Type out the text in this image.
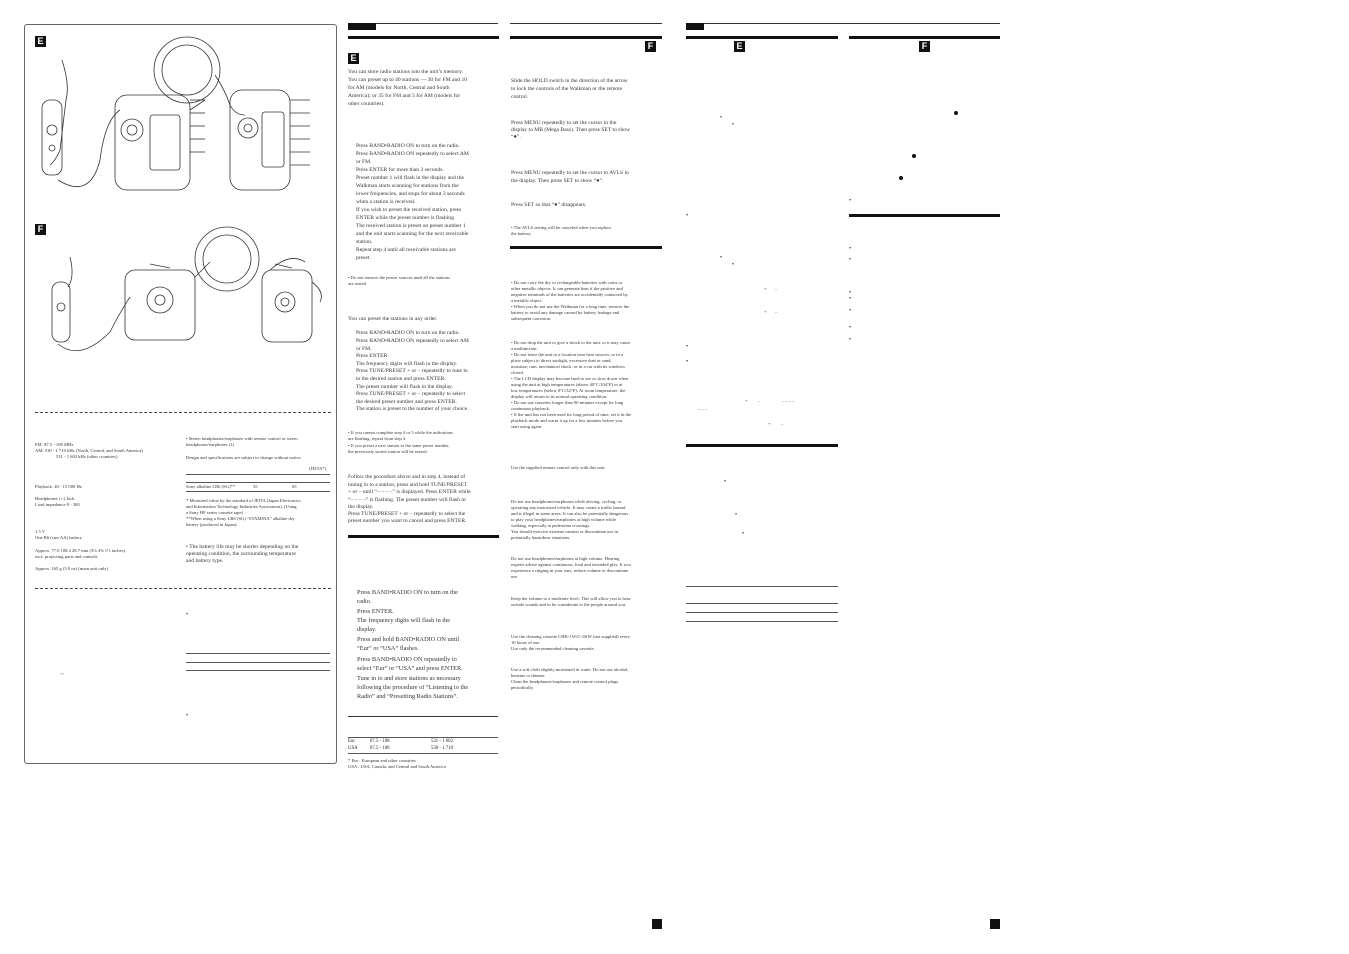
E
F
FM: 87.5 - 108 MHz
AM: 530 - 1 710 kHz (North, Central, and South America)
531 - 1 602 kHz (other countries)
Playback: 40 - 15 000 Hz
Headphones (∩) Jack
Load impedance 8 - 300
1.5 V
One R6 (size AA) battery
Approx. 77.0 108.4 28.7 mm (3⅛ 4⅜ 1⅓ inches),
excl. projecting parts and controls
Approx. 165 g (5.9 oz) (main unit only)
• Stereo headphones/earphones with remote control or stereo
headphones/earphones (1)
Design and specifications are subject to change without notice.
(JEITA*)
Sony alkaline LR6 (SG)**	35	65
* Measured value by the standard of JEITA (Japan Electronics
and Information Technology Industries Association). (Using
a Sony HF series cassette tape)
**When using a Sony LR6 (SG) “STAMINA” alkaline dry
battery (produced in Japan).
• The battery life may be shorter depending on the
operating condition, the surrounding temperature
and battery type.
•
•
◠
E
You can store radio stations into the unit’s memory.
You can preset up to 40 stations — 30 for FM and 10
for AM (models for North, Central and South
America); or 35 for FM and 5 for AM (models for
other countries).
Press BAND•RADIO ON to turn on the radio.
Press BAND•RADIO ON repeatedly to select AM
or FM.
Press ENTER for more than 2 seconds.
Preset number 1 will flash in the display and the
Walkman starts scanning for stations from the
lower frequencies, and stops for about 3 seconds
when a station is received.
If you wish to preset the received station, press
ENTER while the preset number is flashing.
The received station is preset on preset number 1
and the unit starts scanning for the next receivable
station.
Repeat step 4 until all receivable stations are
preset.
• Do not remove the power sources until all the stations
are stored.
You can preset the stations in any order.
Press BAND•RADIO ON to turn on the radio.
Press BAND•RADIO ON repeatedly to select AM
or FM.
Press ENTER.
The frequency digits will flash in the display.
Press TUNE/PRESET + or – repeatedly to tune in
to the desired station and press ENTER.
The preset number will flash in the display.
Press TUNE/PRESET + or – repeatedly to select
the desired preset number and press ENTER.
The station is preset to the number of your choice.
• If you cannot complete step 4 or 5 while the indications
are flashing, repeat from step 3.
• If you preset a new station to the same preset number,
the previously stored station will be erased.
Follow the procedure above and in step 4, instead of
tuning in to a station, press and hold TUNE/PRESET
+ or – until “– – – –” is displayed. Press ENTER while
“– – – –” is flashing. The preset number will flash in
the display.
Press TUNE/PRESET + or – repeatedly to select the
preset number you want to cancel and press ENTER.
Press BAND•RADIO ON to turn on the
radio.
Press ENTER.
The frequency digits will flash in the
display.
Press and hold BAND•RADIO ON until
“Eur” or “USA” flashes.
Press BAND•RADIO ON repeatedly to
select “Eur” or “USA” and press ENTER.
Tune in to and store stations as necessary
following the procedure of “Listening to the
Radio” and “Presetting Radio Stations”.
Eur	87.5 - 108	531 - 1 602
USA	87.5 - 108	530 - 1 710
* Eur : European and other countries
USA : USA, Canada, and Central and South America
F
Slide the HOLD switch in the direction of the arrow
to lock the controls of the Walkman or the remote
control.
Press MENU repeatedly to set the cursor in the
display to MB (Mega Bass). Then press SET to show
“●”.
Press MENU repeatedly to set the cursor to AVLS in
the display. Then press SET to show “●”.
Press SET so that “●” disappears.
• The AVLS setting will be canceled when you replace
the battery.
• Do not carry the dry or rechargeable batteries with coins or
other metallic objects. It can generate heat if the positive and
negative terminals of the batteries are accidentally contacted by
a metallic object.
• When you do not use the Walkman for a long time, remove the
battery to avoid any damage caused by battery leakage and
subsequent corrosion.
• Do not drop the unit or give a shock to the unit, or it may cause
a malfunction.
• Do not leave the unit in a location near heat sources, or in a
place subject to direct sunlight, excessive dust or sand,
moisture, rain, mechanical shock, or in a car with its windows
closed.
• The LCD display may become hard to see or slow down when
using the unit at high temperatures (above 40°C/104°F) or at
low temperatures (below 0°C/32°F). At room temperature, the
display will return to its normal operating condition.
• Do not use cassettes longer than 90 minutes except for long
continuous playback.
• If the unit has not been used for long period of time, set it in the
playback mode and warm it up for a few minutes before you
start using again.
Use the supplied remote control only with this unit.
Do not use headphones/earphones while driving, cycling, or
operating any motorized vehicle. It may create a traffic hazard
and is illegal in some areas. It can also be potentially dangerous
to play your headphones/earphones at high volume while
walking, especially at pedestrian crossings.
You should exercise extreme caution or discontinue use in
potentially hazardous situations.
Do not use headphones/earphones at high volume. Hearing
experts advise against continuous, loud and extended play. If you
experience a ringing in your ears, reduce volume or discontinue
use.
Keep the volume to a moderate level. This will allow you to hear
outside sounds and to be considerate to the people around you.
Use the cleaning cassette CHK-1W/C-1KW (not supplied) every
10 hours of use.
Use only the recommended cleaning cassette.
Use a soft cloth slightly moistened in water. Do not use alcohol,
benzine or thinner.
Clean the headphones/earphones and remote control plugs
periodically.
E	F
•
•
•
•
•
+ –
+ –
•
•
+ –	– – – –
– – –
+ –
•
•
•
•
•
•
•
•
•
•
•
